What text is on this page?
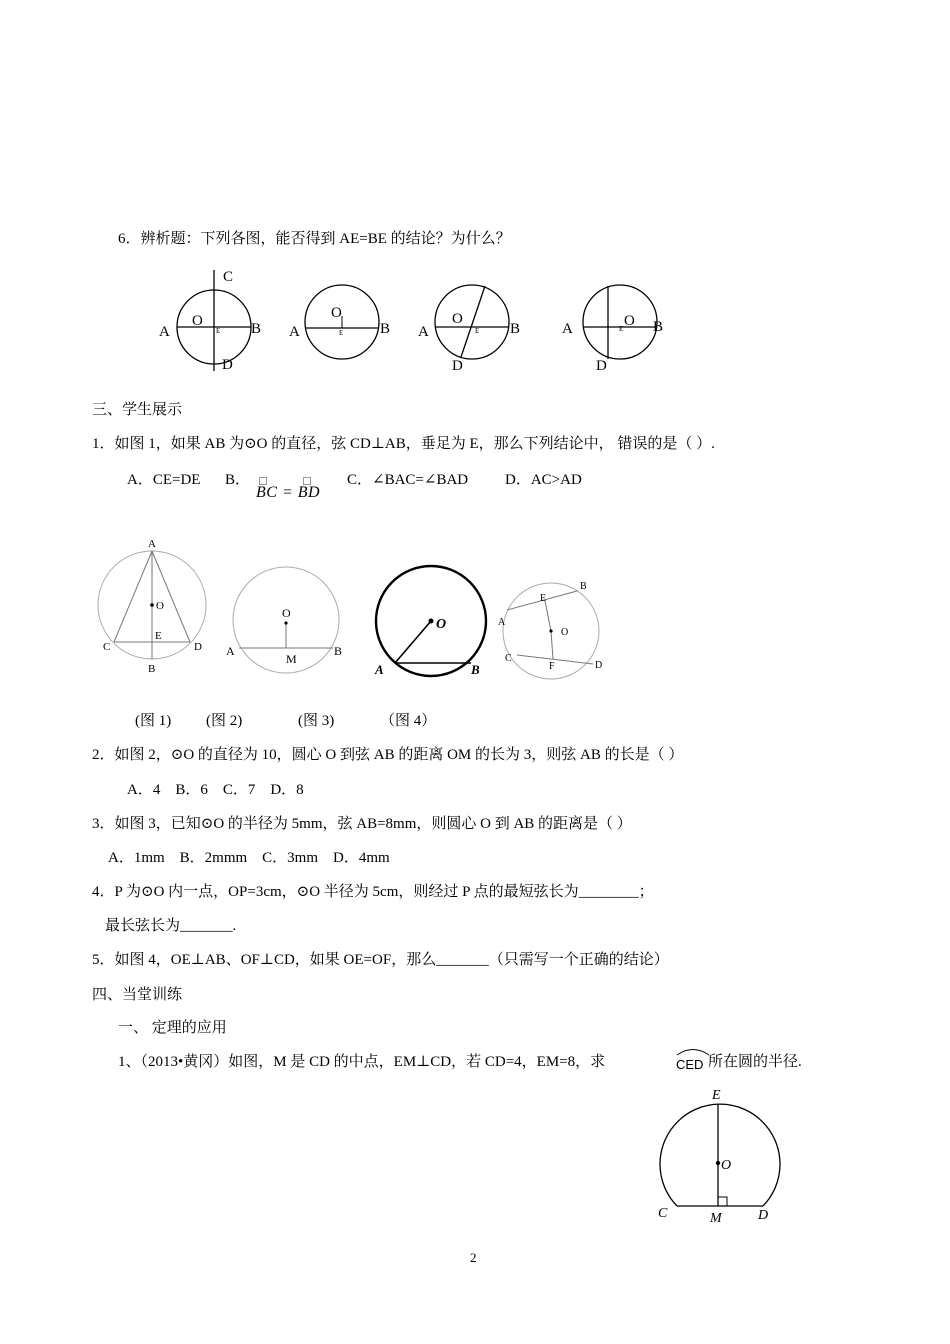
6．辨析题：下列各图，能否得到 AE=BE 的结论？为什么？
C
O
E
A	B
D
O
E
A	B
O
E
A	B
D
O
E
A	B
D
三、学生展示
1．如图 1，如果 AB 为⊙O 的直径，弦 CD⊥AB，垂足为 E，那么下列结论中， 错误的是（ ）.
A．CE=DE B．
BC = BD
C．∠BAC=∠BAD D．AC>AD
A
O
C
E
D
B
O
A
M
B
O
A	B
B
E
A
O
C
F	D
(图 1) (图 2)	(图 3)	（图 4）
2．如图 2，⊙O 的直径为 10，圆心 O 到弦 AB 的距离 OM 的长为 3，则弦 AB 的长是（ ）
A．4    B．6    C．7    D．8
3．如图 3，已知⊙O 的半径为 5mm，弦 AB=8mm，则圆心 O 到 AB 的距离是（ ）
A．1mm    B．2mmm    C．3mm    D．4mm
4．P 为⊙O 内一点，OP=3cm，⊙O 半径为 5cm，则经过 P 点的最短弦长为________；
最长弦长为_______.
5．如图 4，OE⊥AB、OF⊥CD，如果 OE=OF，那么_______（只需写一个正确的结论）
四、当堂训练
一、 定理的应用
1、（2013•黄冈）如图，M 是 CD 的中点，EM⊥CD，若 CD=4，EM=8，求	CED 所在圆的半径.
E
O
C	M	D
2
